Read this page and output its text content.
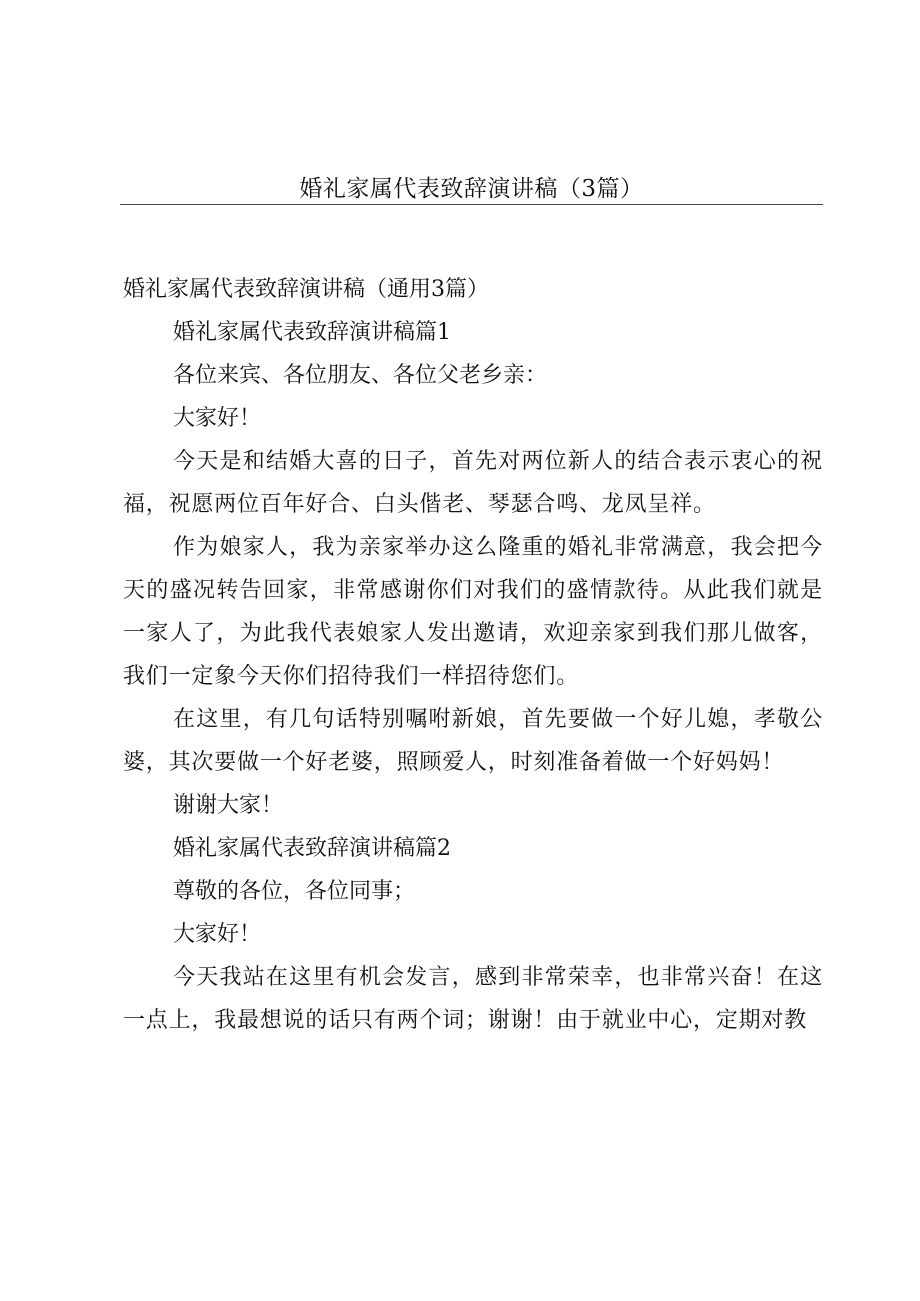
婚礼家属代表致辞演讲稿（3篇）
婚礼家属代表致辞演讲稿（通用3篇）
婚礼家属代表致辞演讲稿篇1
各位来宾、各位朋友、各位父老乡亲：
大家好！
今天是和结婚大喜的日子，首先对两位新人的结合表示衷心的祝福，祝愿两位百年好合、白头偕老、琴瑟合鸣、龙凤呈祥。
作为娘家人，我为亲家举办这么隆重的婚礼非常满意，我会把今天的盛况转告回家，非常感谢你们对我们的盛情款待。从此我们就是一家人了，为此我代表娘家人发出邀请，欢迎亲家到我们那儿做客，我们一定象今天你们招待我们一样招待您们。
在这里，有几句话特别嘱咐新娘，首先要做一个好儿媳，孝敬公婆，其次要做一个好老婆，照顾爱人，时刻准备着做一个好妈妈！
谢谢大家！
婚礼家属代表致辞演讲稿篇2
尊敬的各位，各位同事；
大家好！
今天我站在这里有机会发言，感到非常荣幸，也非常兴奋！在这一点上，我最想说的话只有两个词；谢谢！由于就业中心，定期对教
